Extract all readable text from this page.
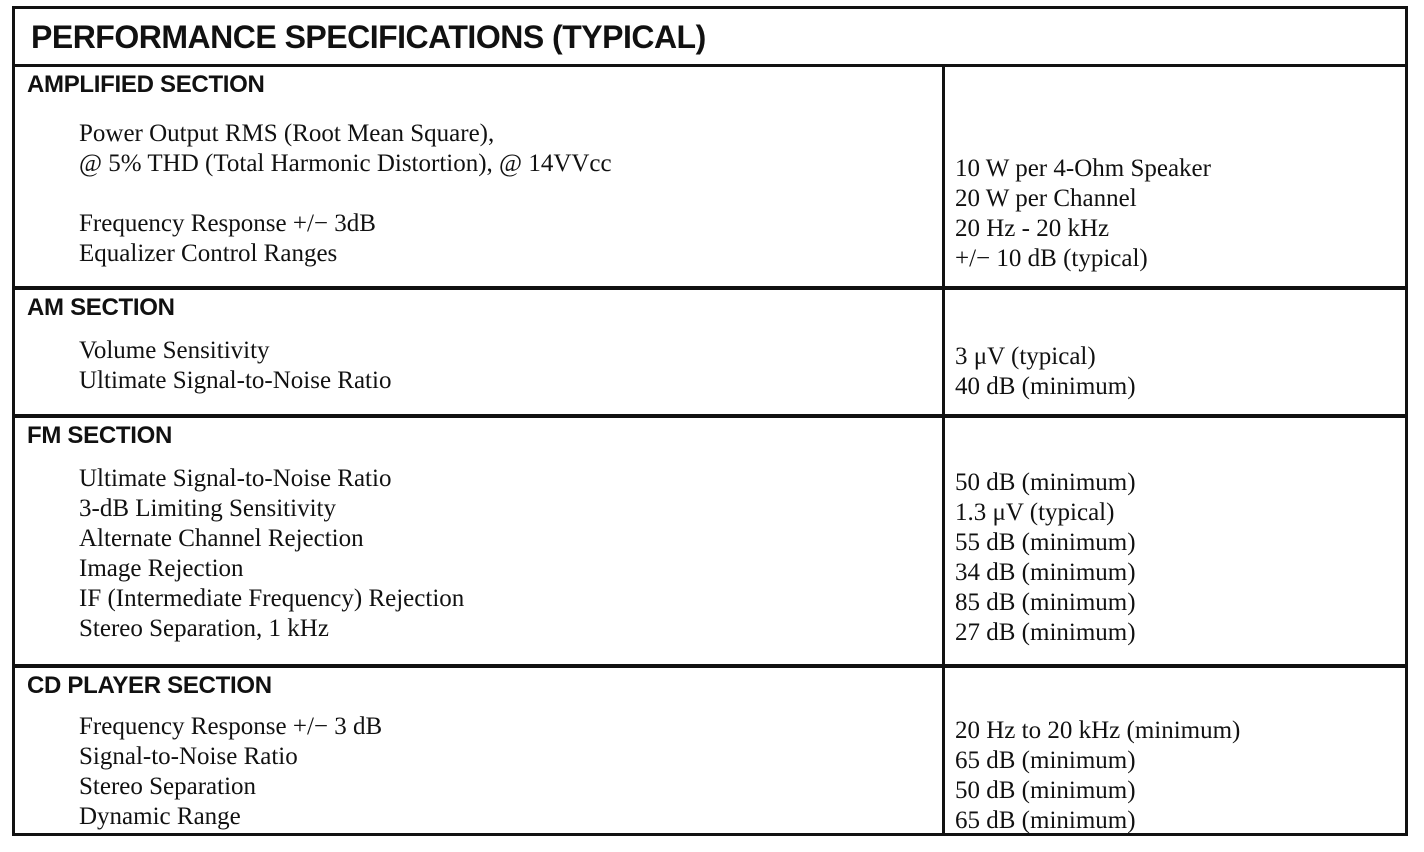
PERFORMANCE SPECIFICATIONS (TYPICAL)
AMPLIFIED SECTION
Power Output RMS (Root Mean Square),
@ 5% THD (Total Harmonic Distortion), @ 14VVcc
Frequency Response +/− 3dB
Equalizer Control Ranges
10 W per 4-Ohm Speaker
20 W per Channel
20 Hz - 20 kHz
+/− 10 dB (typical)
AM SECTION
Volume Sensitivity
Ultimate Signal-to-Noise Ratio
3 μV (typical)
40 dB (minimum)
FM SECTION
Ultimate Signal-to-Noise Ratio
3-dB Limiting Sensitivity
Alternate Channel Rejection
Image Rejection
IF (Intermediate Frequency) Rejection
Stereo Separation, 1 kHz
50 dB (minimum)
1.3 μV (typical)
55 dB (minimum)
34 dB (minimum)
85 dB (minimum)
27 dB (minimum)
CD PLAYER SECTION
Frequency Response +/− 3 dB
Signal-to-Noise Ratio
Stereo Separation
Dynamic Range
20 Hz to 20 kHz (minimum)
65 dB (minimum)
50 dB (minimum)
65 dB (minimum)
